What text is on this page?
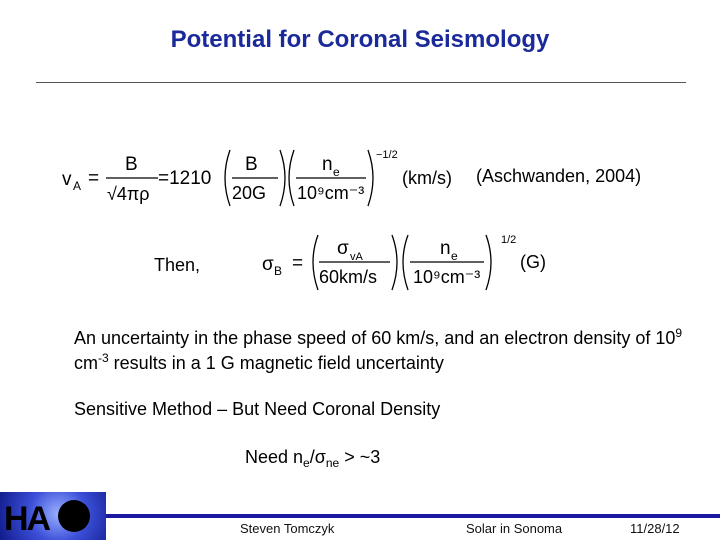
Potential for Coronal Seismology
v A =
B
√4πρ
=1210
B
20G
n e
10⁹cm⁻³
−1/2
(km/s)
σ B =
σ vA
60km/s
n e
10⁹cm⁻³
1/2
(G)
(Aschwanden, 2004)
Then,
An uncertainty in the phase speed of 60 km/s, and an electron density of $10^9$ $cm^{-3}$ results in a 1 G magnetic field uncertainty
Sensitive Method – But Need Coronal Density
Need $n_e/\sigma_{ne}$ > ~3
HA	Steven Tomczyk	Solar in Sonoma	11/28/12
